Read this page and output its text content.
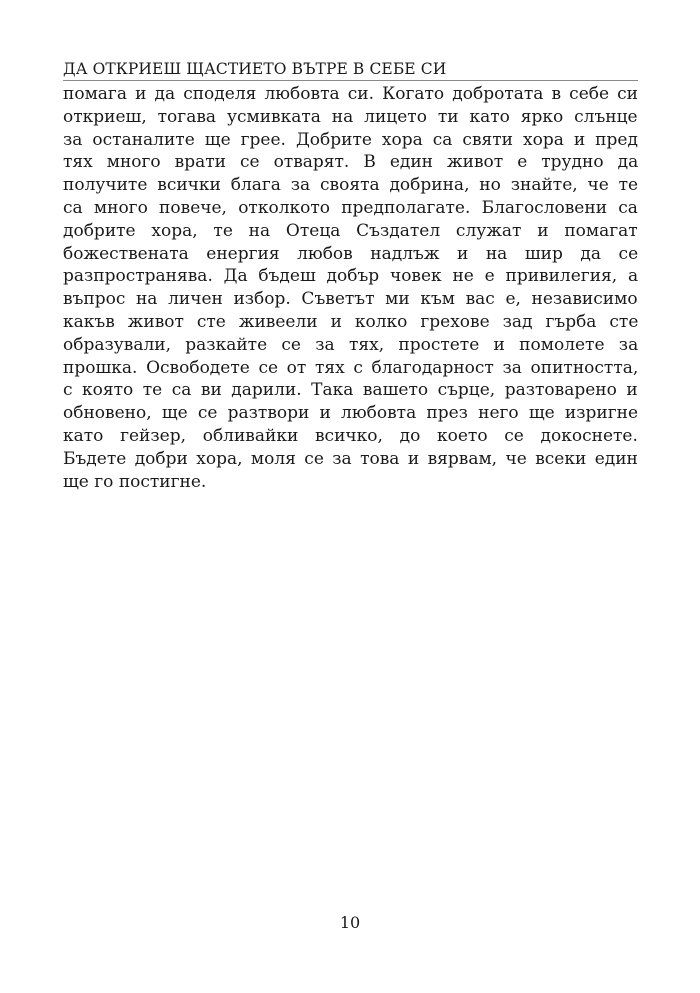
ДА ОТКРИЕШ ЩАСТИЕТО ВЪТРЕ В СЕБЕ СИ
помага и да споделя любовта си. Когато добротата в себе си
откриеш, тогава усмивката на лицето ти като ярко слънце
за останалите ще грее. Добрите хора са святи хора и пред
тях много врати се отварят. В един живот е трудно да
получите всички блага за своята добрина, но знайте, че те
са много повече, отколкото предполагате. Благословени са
добрите хора, те на Отеца Създател служат и помагат
божествената енергия любов надлъж и на шир да се
разпространява. Да бъдеш добър човек не е привилегия, а
въпрос на личен избор. Съветът ми към вас е, независимо
какъв живот сте живеели и колко грехове зад гърба сте
образували, разкайте се за тях, простете и помолете за
прошка. Освободете се от тях с благодарност за опитността,
с която те са ви дарили. Така вашето сърце, разтоварено и
обновено, ще се разтвори и любовта през него ще изригне
като гейзер, обливайки всичко, до което се докоснете.
Бъдете добри хора, моля се за това и вярвам, че всеки един
ще го постигне.
10
